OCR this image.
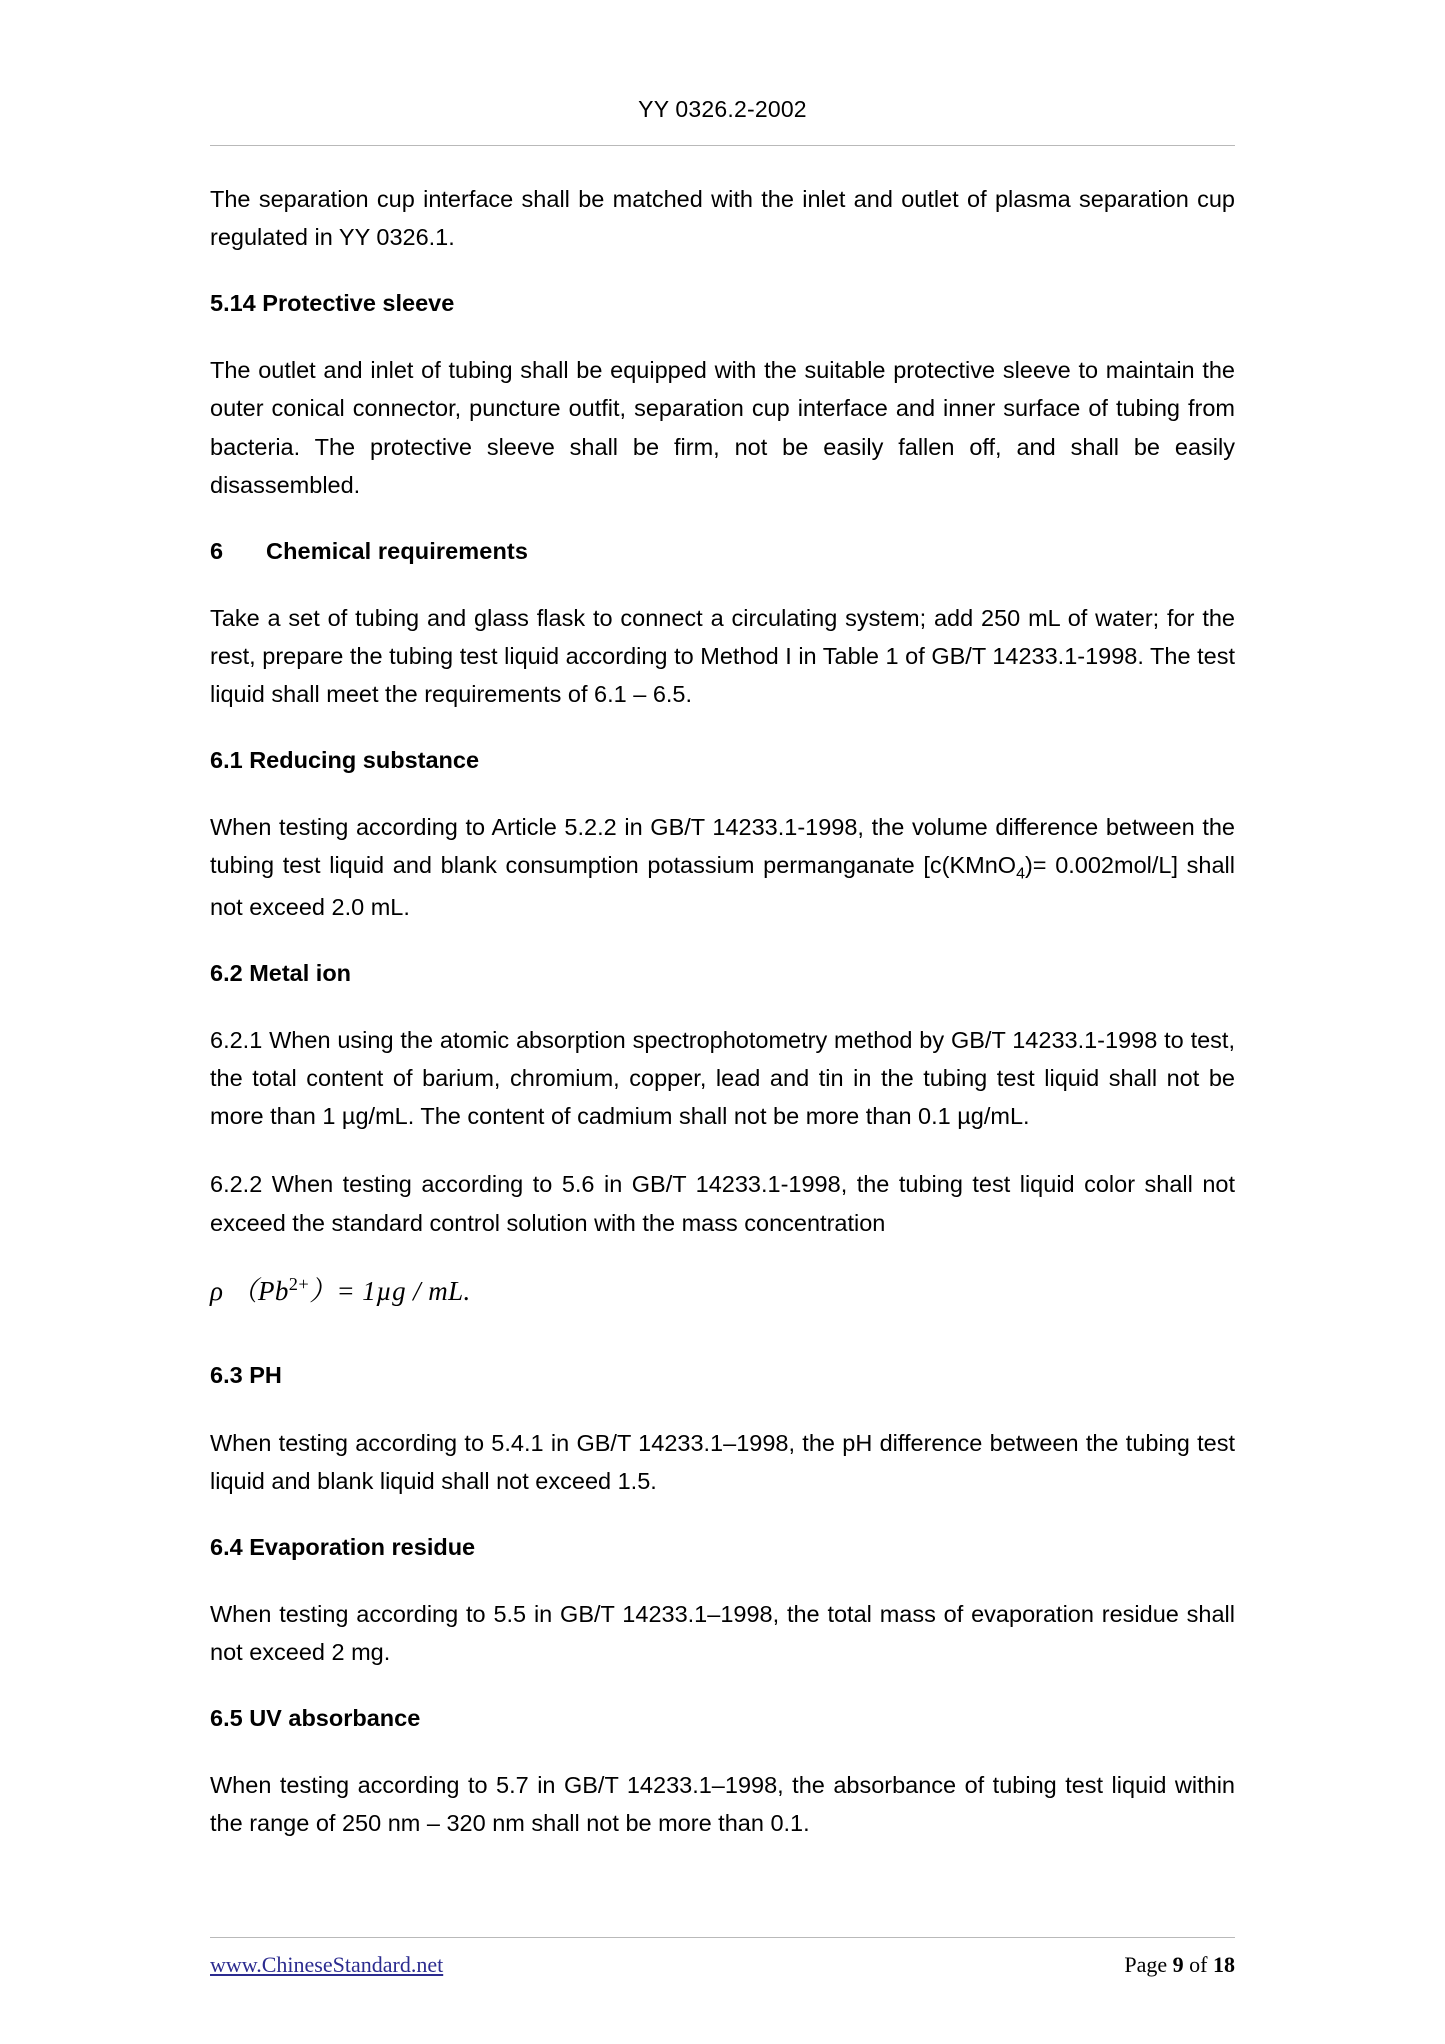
YY 0326.2-2002

The separation cup interface shall be matched with the inlet and outlet of plasma separation cup regulated in YY 0326.1.

5.14 Protective sleeve

The outlet and inlet of tubing shall be equipped with the suitable protective sleeve to maintain the outer conical connector, puncture outfit, separation cup interface and inner surface of tubing from bacteria. The protective sleeve shall be firm, not be easily fallen off, and shall be easily disassembled.

6 Chemical requirements

Take a set of tubing and glass flask to connect a circulating system; add 250 mL of water; for the rest, prepare the tubing test liquid according to Method I in Table 1 of GB/T 14233.1-1998. The test liquid shall meet the requirements of 6.1 – 6.5.

6.1 Reducing substance

When testing according to Article 5.2.2 in GB/T 14233.1-1998, the volume difference between the tubing test liquid and blank consumption potassium permanganate [c(KMnO$_4$)= 0.002mol/L] shall not exceed 2.0 mL.

6.2 Metal ion

6.2.1 When using the atomic absorption spectrophotometry method by GB/T 14233.1-1998 to test, the total content of barium, chromium, copper, lead and tin in the tubing test liquid shall not be more than 1 µg/mL. The content of cadmium shall not be more than 0.1 µg/mL.

6.2.2 When testing according to 5.6 in GB/T 14233.1-1998, the tubing test liquid color shall not exceed the standard control solution with the mass concentration

ρ $(Pb^{2+})= 1\mu g$ / mL.
6.3 PH

When testing according to 5.4.1 in GB/T 14233.1–1998, the pH difference between the tubing test liquid and blank liquid shall not exceed 1.5.

6.4 Evaporation residue

When testing according to 5.5 in GB/T 14233.1–1998, the total mass of evaporation residue shall not exceed 2 mg.

6.5 UV absorbance

When testing according to 5.7 in GB/T 14233.1–1998, the absorbance of tubing test liquid within the range of 250 nm – 320 nm shall not be more than 0.1.

www.ChineseStandard.net	Page 9 of 18
